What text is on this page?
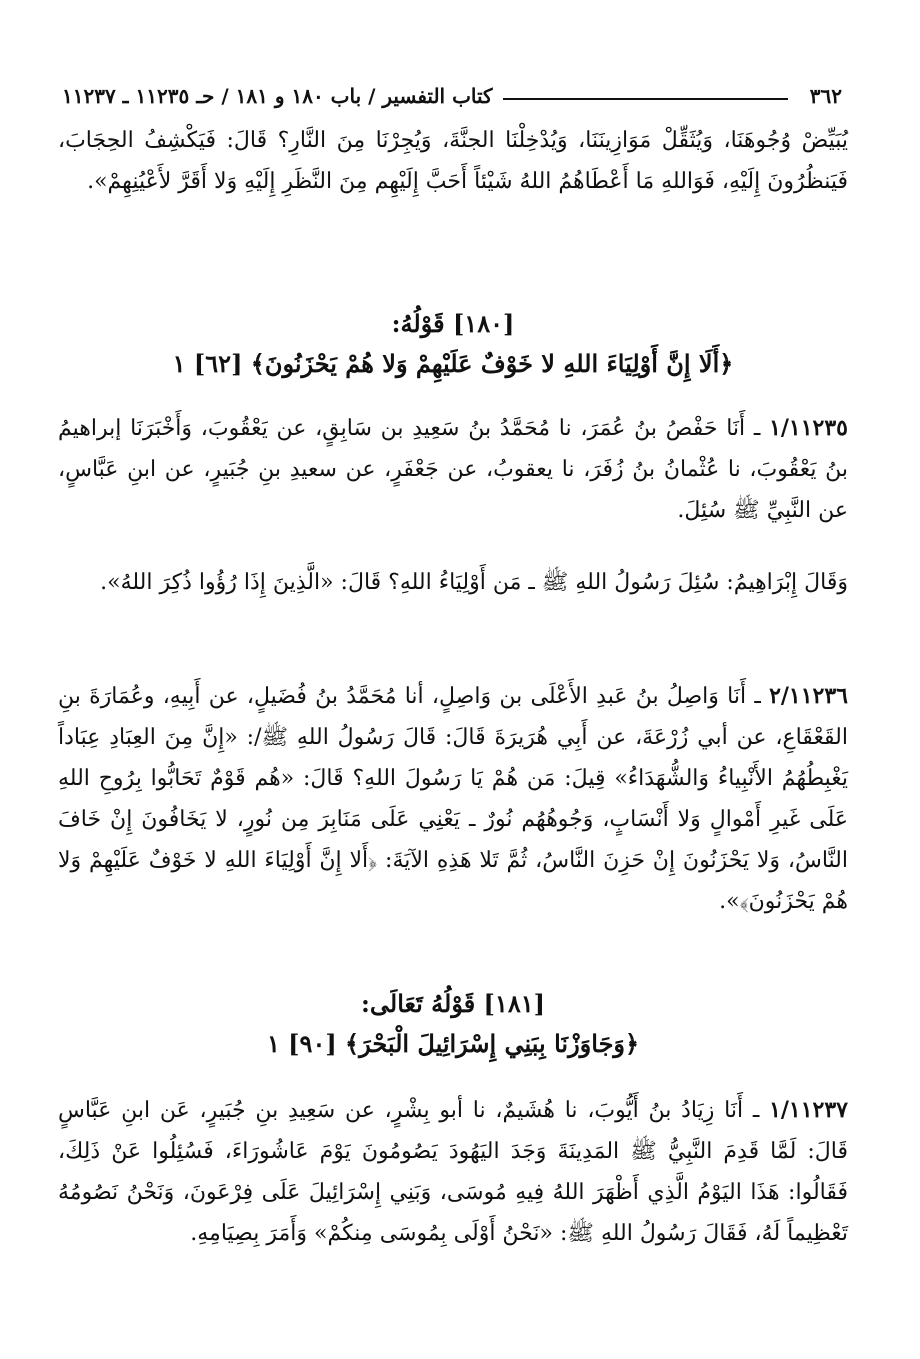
٣٦٢
كتاب التفسير / باب ١٨٠ و ١٨١ / حـ ١١٢٣٥ ـ ١١٢٣٧

يُبَيِّضْ وُجُوهَنَا، وَيُثَقِّلْ مَوَازِينَنَا، وَيُدْخِلْنَا الجنَّةَ، وَيُجِرْنَا مِنَ النَّارِ؟ قَالَ: فَيَكْشِفُ الحِجَابَ، فَيَنظُرُونَ إِلَيْهِ، فَوَاللهِ مَا أَعْطَاهُمُ اللهُ شَيْئاً أَحَبَّ إِلَيْهِم مِنَ النَّظَرِ إِلَيْهِ وَلا أَقَرَّ لأَعْيُنِهِمْ».

[١٨٠] قَوْلُهُ:
﴿أَلَا إِنَّ أَوْلِيَاءَ اللهِ لا خَوْفٌ عَلَيْهِمْ وَلا هُمْ يَحْزَنُونَ﴾ [٦٢] ١

١/١١٢٣٥ ـ أَنَا حَفْصُ بنُ عُمَرَ، نا مُحَمَّدُ بنُ سَعِيدِ بن سَابِقٍ، عن يَعْقُوبَ، وَأَخْبَرَنَا إبراهيمُ بنُ يَعْقُوبَ، نا عُثْمانُ بنُ زُفَرَ، نا يعقوبُ، عن جَعْفَرٍ، عن سعيدِ بنِ جُبَيرٍ، عن ابنِ عَبَّاسٍ، عن النَّبِيِّ ﷺ سُئِلَ.

وَقَالَ إِبْرَاهِيمُ: سُئِلَ رَسُولُ اللهِ ﷺ ـ مَن أَوْلِيَاءُ اللهِ؟ قَالَ: «الَّذِينَ إِذَا رُؤُوا ذُكِرَ اللهُ».

٢/١١٢٣٦ ـ أَنَا وَاصِلُ بنُ عَبدِ الأَعْلَى بن وَاصِلٍ، أنا مُحَمَّدُ بنُ فُضَيلٍ، عن أَبِيهِ، وعُمَارَةَ بنِ القَعْقَاعِ، عن أبي زُرْعَةَ، عن أَبِي هُرَيرَةَ قَالَ: قَالَ رَسُولُ اللهِ ﷺ/: «إِنَّ مِنَ العِبَادِ عِبَاداً يَغْبِطُهُمُ الأَنْبِياءُ وَالشُّهَدَاءُ» قِيلَ: مَن هُمْ يَا رَسُولَ اللهِ؟ قَالَ: «هُم قَوْمٌ تَحَابُّوا بِرُوحِ اللهِ عَلَى غَيرِ أَمْوالٍ وَلا أَنْسَابٍ، وَجُوهُهُم نُورٌ ـ يَعْنِي عَلَى مَنَابِرَ مِن نُورٍ، لا يَخَافُونَ إِنْ خَافَ النَّاسُ، وَلا يَحْزَنُونَ إِنْ حَزِنَ النَّاسُ، ثُمَّ تَلا هَذِهِ الآيَةَ: ﴿أَلا إِنَّ أَوْلِيَاءَ اللهِ لا خَوْفٌ عَلَيْهِمْ وَلا هُمْ يَحْزَنُونَ﴾».

[١٨١] قَوْلُهُ تَعَالَى:
﴿وَجَاوَزْنَا بِبَنِي إِسْرَائِيلَ الْبَحْرَ﴾ [٩٠] ١

١/١١٢٣٧ ـ أَنَا زِيَادُ بنُ أَيُّوبَ، نا هُشَيمٌ، نا أبو بِشْرٍ، عن سَعِيدِ بنِ جُبَيرٍ، عَن ابنِ عَبَّاسٍ قَالَ: لَمَّا قَدِمَ النَّبِيُّ ﷺ المَدِينَةَ وَجَدَ اليَهُودَ يَصُومُونَ يَوْمَ عَاشُورَاءَ، فَسُئِلُوا عَنْ ذَلِكَ، فَقَالُوا: هَذَا اليَوْمُ الَّذِي أَظْهَرَ اللهُ فِيهِ مُوسَى، وَبَنِي إِسْرَائِيلَ عَلَى فِرْعَونَ، وَنَحْنُ نَصُومُهُ تَعْظِيماً لَهُ، فَقَالَ رَسُولُ اللهِ ﷺ: «نَحْنُ أَوْلَى بِمُوسَى مِنكُمْ» وَأَمَرَ بِصِيَامِهِ.
